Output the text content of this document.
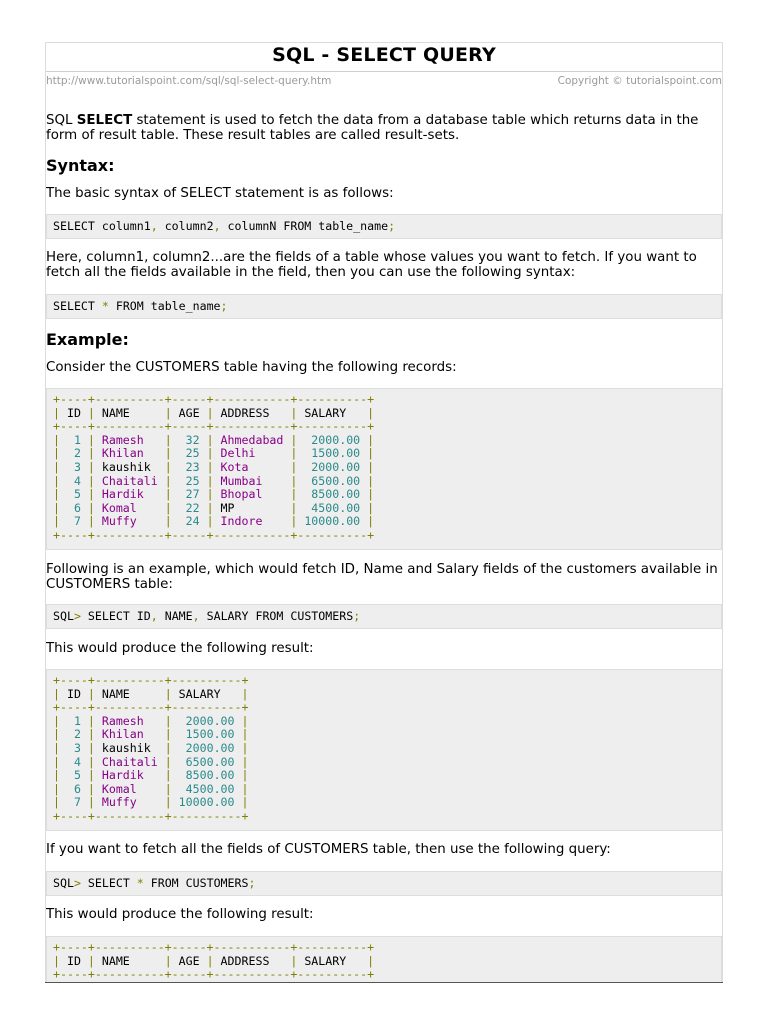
SQL - SELECT QUERY
http://www.tutorialspoint.com/sql/sql-select-query.htm	Copyright © tutorialspoint.com

SQL SELECT statement is used to fetch the data from a database table which returns data in the form of result table. These result tables are called result-sets.

Syntax:

The basic syntax of SELECT statement is as follows:

SELECT column1, column2, columnN FROM table_name;

Here, column1, column2...are the fields of a table whose values you want to fetch. If you want to fetch all the fields available in the field, then you can use the following syntax:

SELECT * FROM table_name;
Example:

Consider the CUSTOMERS table having the following records:

+----+----------+-----+-----------+----------+
| ID | NAME     | AGE | ADDRESS   | SALARY   |
+----+----------+-----+-----------+----------+
|  1 | Ramesh   |  32 | Ahmedabad |  2000.00 |
|  2 | Khilan   |  25 | Delhi     |  1500.00 |
|  3 | kaushik  |  23 | Kota      |  2000.00 |
|  4 | Chaitali |  25 | Mumbai    |  6500.00 |
|  5 | Hardik   |  27 | Bhopal    |  8500.00 |
|  6 | Komal    |  22 | MP        |  4500.00 |
|  7 | Muffy    |  24 | Indore    | 10000.00 |
+----+----------+-----+-----------+----------+

Following is an example, which would fetch ID, Name and Salary fields of the customers available in CUSTOMERS table:

SQL> SELECT ID, NAME, SALARY FROM CUSTOMERS;

This would produce the following result:

+----+----------+----------+
| ID | NAME     | SALARY   |
+----+----------+----------+
|  1 | Ramesh   |  2000.00 |
|  2 | Khilan   |  1500.00 |
|  3 | kaushik  |  2000.00 |
|  4 | Chaitali |  6500.00 |
|  5 | Hardik   |  8500.00 |
|  6 | Komal    |  4500.00 |
|  7 | Muffy    | 10000.00 |
+----+----------+----------+

If you want to fetch all the fields of CUSTOMERS table, then use the following query:

SQL> SELECT * FROM CUSTOMERS;

This would produce the following result:

+----+----------+-----+-----------+----------+
| ID | NAME     | AGE | ADDRESS   | SALARY   |
+----+----------+-----+-----------+----------+
